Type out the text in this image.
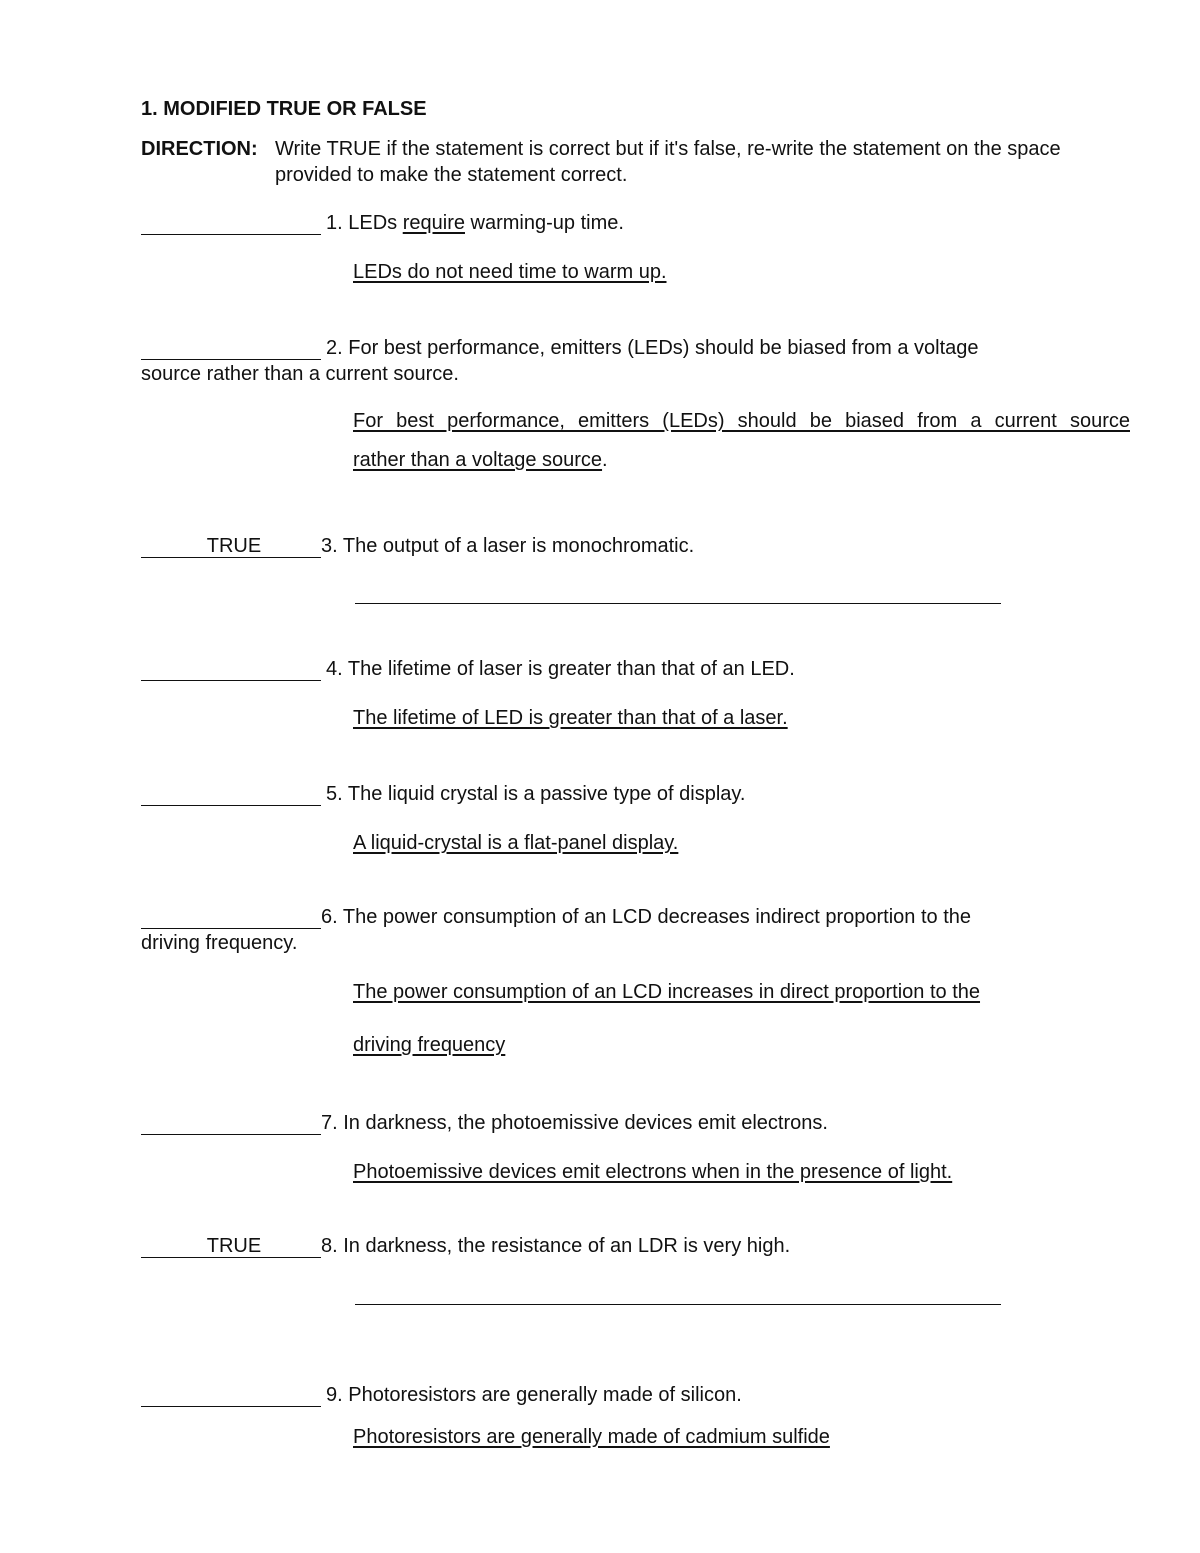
1. MODIFIED TRUE OR FALSE
DIRECTION: Write TRUE if the statement is correct but if it's false, re-write the statement on the space
provided to make the statement correct.
1. LEDs require warming-up time.
LEDs do not need time to warm up.
2. For best performance, emitters (LEDs) should be biased from a voltage
source rather than a current source.
For best performance, emitters (LEDs) should be biased from a current source
rather than a voltage source.
TRUE	3. The output of a laser is monochromatic.
4. The lifetime of laser is greater than that of an LED.
The lifetime of LED is greater than that of a laser.
5. The liquid crystal is a passive type of display.
A liquid-crystal is a flat-panel display.
6. The power consumption of an LCD decreases indirect proportion to the
driving frequency.
The power consumption of an LCD increases in direct proportion to the
driving frequency
7. In darkness, the photoemissive devices emit electrons.
Photoemissive devices emit electrons when in the presence of light.
TRUE	8. In darkness, the resistance of an LDR is very high.
9. Photoresistors are generally made of silicon.
Photoresistors are generally made of cadmium sulfide
